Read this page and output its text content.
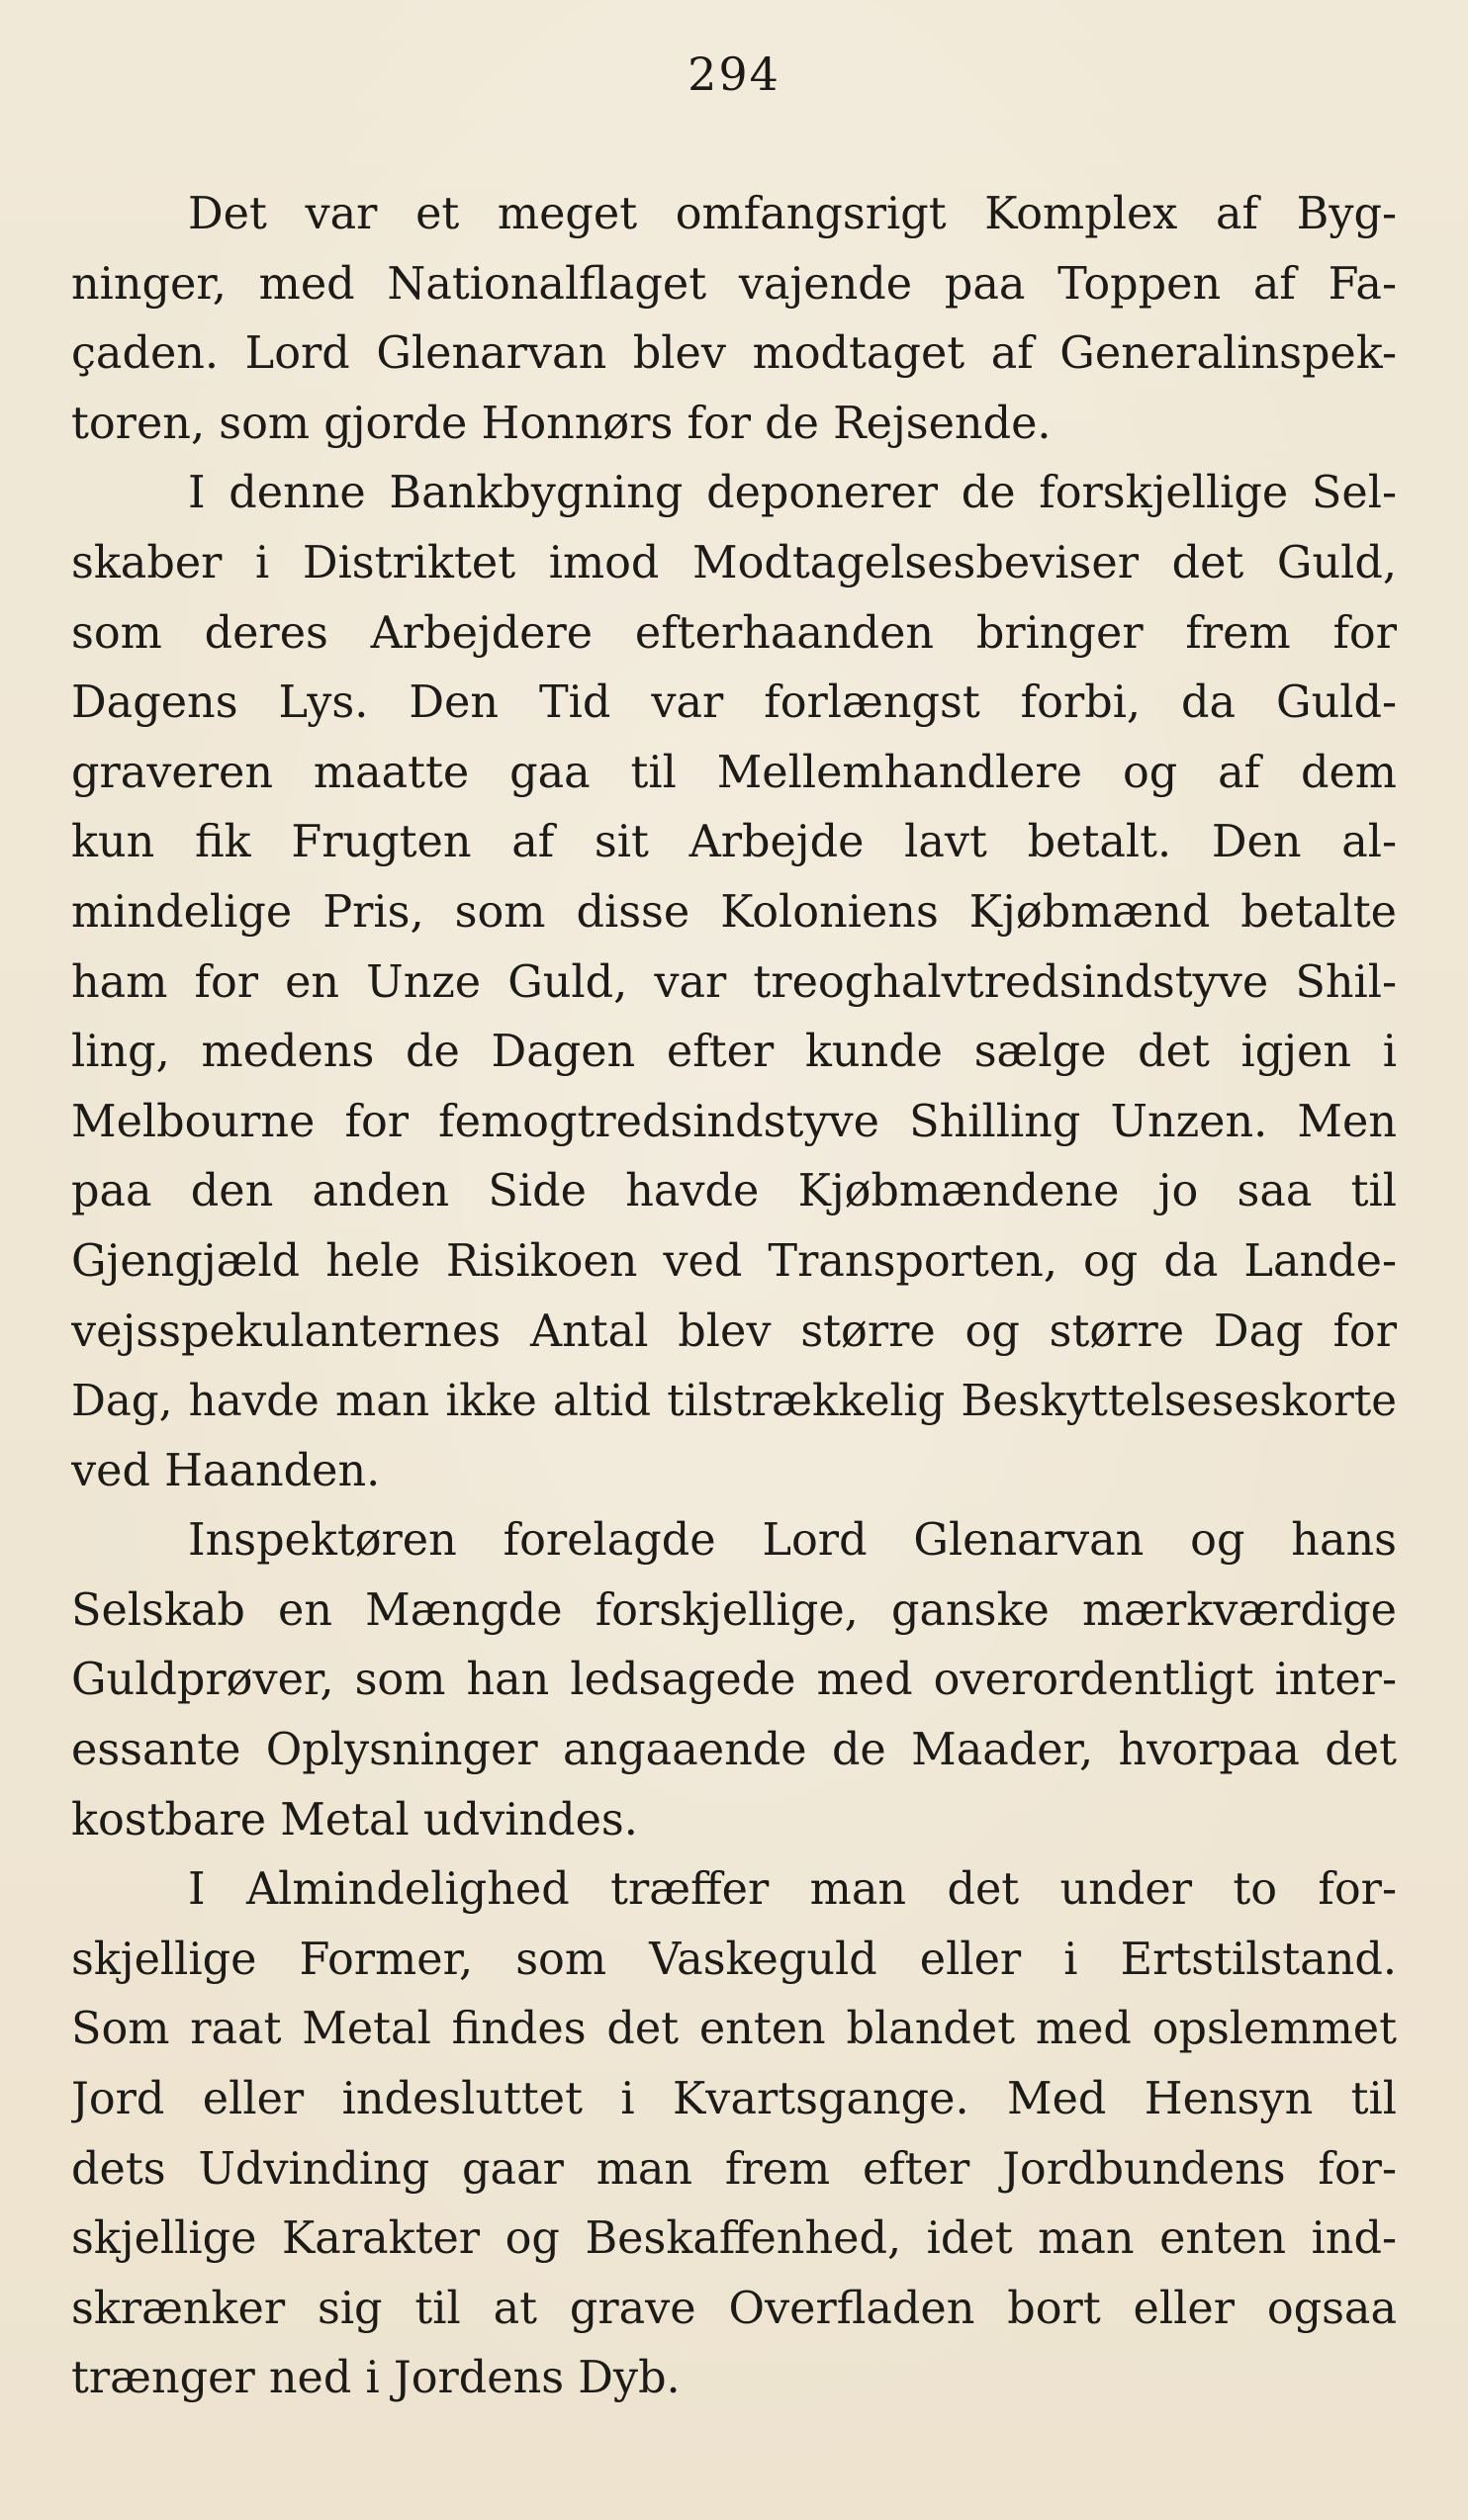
294
Det var et meget omfangsrigt Komplex af Byg-
ninger, med Nationalflaget vajende paa Toppen af Fa-
çaden. Lord Glenarvan blev modtaget af Generalinspek-
toren, som gjorde Honnørs for de Rejsende.
I denne Bankbygning deponerer de forskjellige Sel-
skaber i Distriktet imod Modtagelsesbeviser det Guld,
som deres Arbejdere efterhaanden bringer frem for
Dagens Lys. Den Tid var forlængst forbi, da Guld-
graveren maatte gaa til Mellemhandlere og af dem
kun fik Frugten af sit Arbejde lavt betalt. Den al-
mindelige Pris, som disse Koloniens Kjøbmænd betalte
ham for en Unze Guld, var treoghalvtredsindstyve Shil-
ling, medens de Dagen efter kunde sælge det igjen i
Melbourne for femogtredsindstyve Shilling Unzen. Men
paa den anden Side havde Kjøbmændene jo saa til
Gjengjæld hele Risikoen ved Transporten, og da Lande-
vejsspekulanternes Antal blev større og større Dag for
Dag, havde man ikke altid tilstrækkelig Beskyttelseseskorte
ved Haanden.
Inspektøren forelagde Lord Glenarvan og hans
Selskab en Mængde forskjellige, ganske mærkværdige
Guldprøver, som han ledsagede med overordentligt inter-
essante Oplysninger angaaende de Maader, hvorpaa det
kostbare Metal udvindes.
I Almindelighed træffer man det under to for-
skjellige Former, som Vaskeguld eller i Ertstilstand.
Som raat Metal findes det enten blandet med opslemmet
Jord eller indesluttet i Kvartsgange. Med Hensyn til
dets Udvinding gaar man frem efter Jordbundens for-
skjellige Karakter og Beskaffenhed, idet man enten ind-
skrænker sig til at grave Overfladen bort eller ogsaa
trænger ned i Jordens Dyb.
